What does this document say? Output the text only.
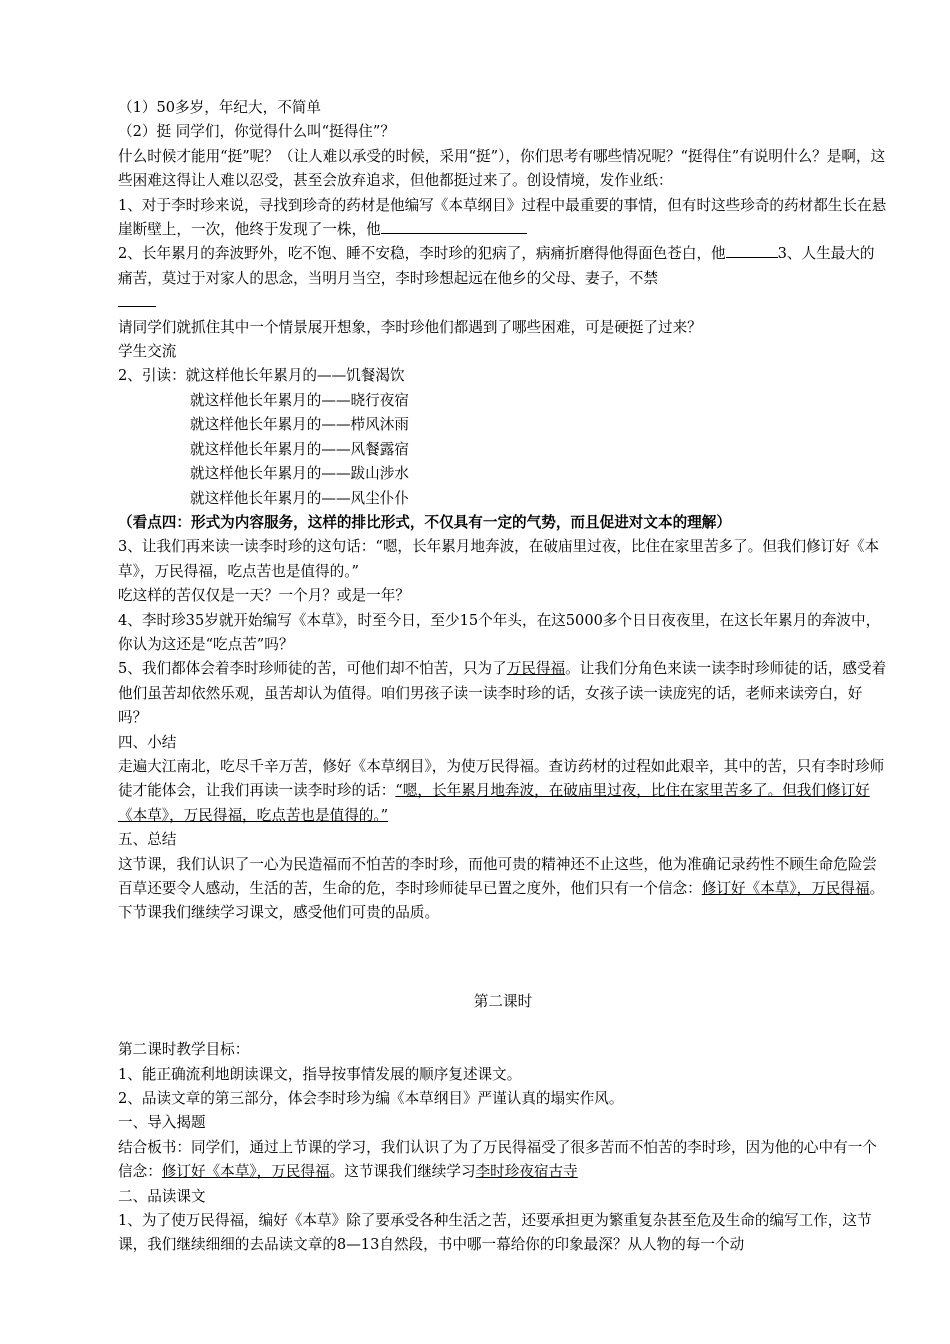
（1）50多岁，年纪大，不简单

（2）挺 同学们，你觉得什么叫“挺得住”？

什么时候才能用“挺”呢？（让人难以承受的时候，采用“挺”），你们思考有哪些情况呢？“挺得住”有说明什么？是啊，这些困难这得让人难以忍受，甚至会放弃追求，但他都挺过来了。创设情境，发作业纸：

1、对于李时珍来说，寻找到珍奇的药材是他编写《本草纲目》过程中最重要的事情，但有时这些珍奇的药材都生长在悬崖断壁上，一次，他终于发现了一株，他

2、长年累月的奔波野外，吃不饱、睡不安稳，李时珍的犯病了，病痛折磨得他得面色苍白，他	3、人生最大的痛苦，莫过于对家人的思念，当明月当空，李时珍想起远在他乡的父母、妻子，不禁

请同学们就抓住其中一个情景展开想象，李时珍他们都遇到了哪些困难，可是硬挺了过来？

学生交流

2、引读：就这样他长年累月的——饥餐渴饮

就这样他长年累月的——晓行夜宿

就这样他长年累月的——栉风沐雨

就这样他长年累月的——风餐露宿

就这样他长年累月的——跋山涉水

就这样他长年累月的——风尘仆仆

（看点四：形式为内容服务，这样的排比形式，不仅具有一定的气势，而且促进对文本的理解）

3、让我们再来读一读李时珍的这句话：“嗯，长年累月地奔波，在破庙里过夜，比住在家里苦多了。但我们修订好《本草》，万民得福，吃点苦也是值得的。”

吃这样的苦仅仅是一天？一个月？或是一年？

4、李时珍35岁就开始编写《本草》，时至今日，至少15个年头，在这5000多个日日夜夜里，在这长年累月的奔波中，你认为这还是“吃点苦”吗？

5、我们都体会着李时珍师徒的苦，可他们却不怕苦，只为了万民得福。让我们分角色来读一读李时珍师徒的话，感受着他们虽苦却依然乐观，虽苦却认为值得。咱们男孩子读一读李时珍的话，女孩子读一读庞宪的话，老师来读旁白，好吗？

四、小结

走遍大江南北，吃尽千辛万苦，修好《本草纲目》，为使万民得福。查访药材的过程如此艰辛，其中的苦，只有李时珍师徒才能体会，让我们再读一读李时珍的话：“嗯，长年累月地奔波，在破庙里过夜，比住在家里苦多了。但我们修订好《本草》，万民得福，吃点苦也是值得的。”

五、总结

这节课，我们认识了一心为民造福而不怕苦的李时珍，而他可贵的精神还不止这些，他为准确记录药性不顾生命危险尝百草还要令人感动，生活的苦，生命的危，李时珍师徒早已置之度外，他们只有一个信念：修订好《本草》，万民得福。下节课我们继续学习课文，感受他们可贵的品质。

第二课时

第二课时教学目标：

1、能正确流利地朗读课文，指导按事情发展的顺序复述课文。

2、品读文章的第三部分，体会李时珍为编《本草纲目》严谨认真的塌实作风。

一、导入揭题

结合板书：同学们，通过上节课的学习，我们认识了为了万民得福受了很多苦而不怕苦的李时珍，因为他的心中有一个信念：修订好《本草》，万民得福。这节课我们继续学习李时珍夜宿古寺

二、品读课文

1、为了使万民得福，编好《本草》除了要承受各种生活之苦，还要承担更为繁重复杂甚至危及生命的编写工作，这节课，我们继续细细的去品读文章的8—13自然段，书中哪一幕给你的印象最深？从人物的每一个动
